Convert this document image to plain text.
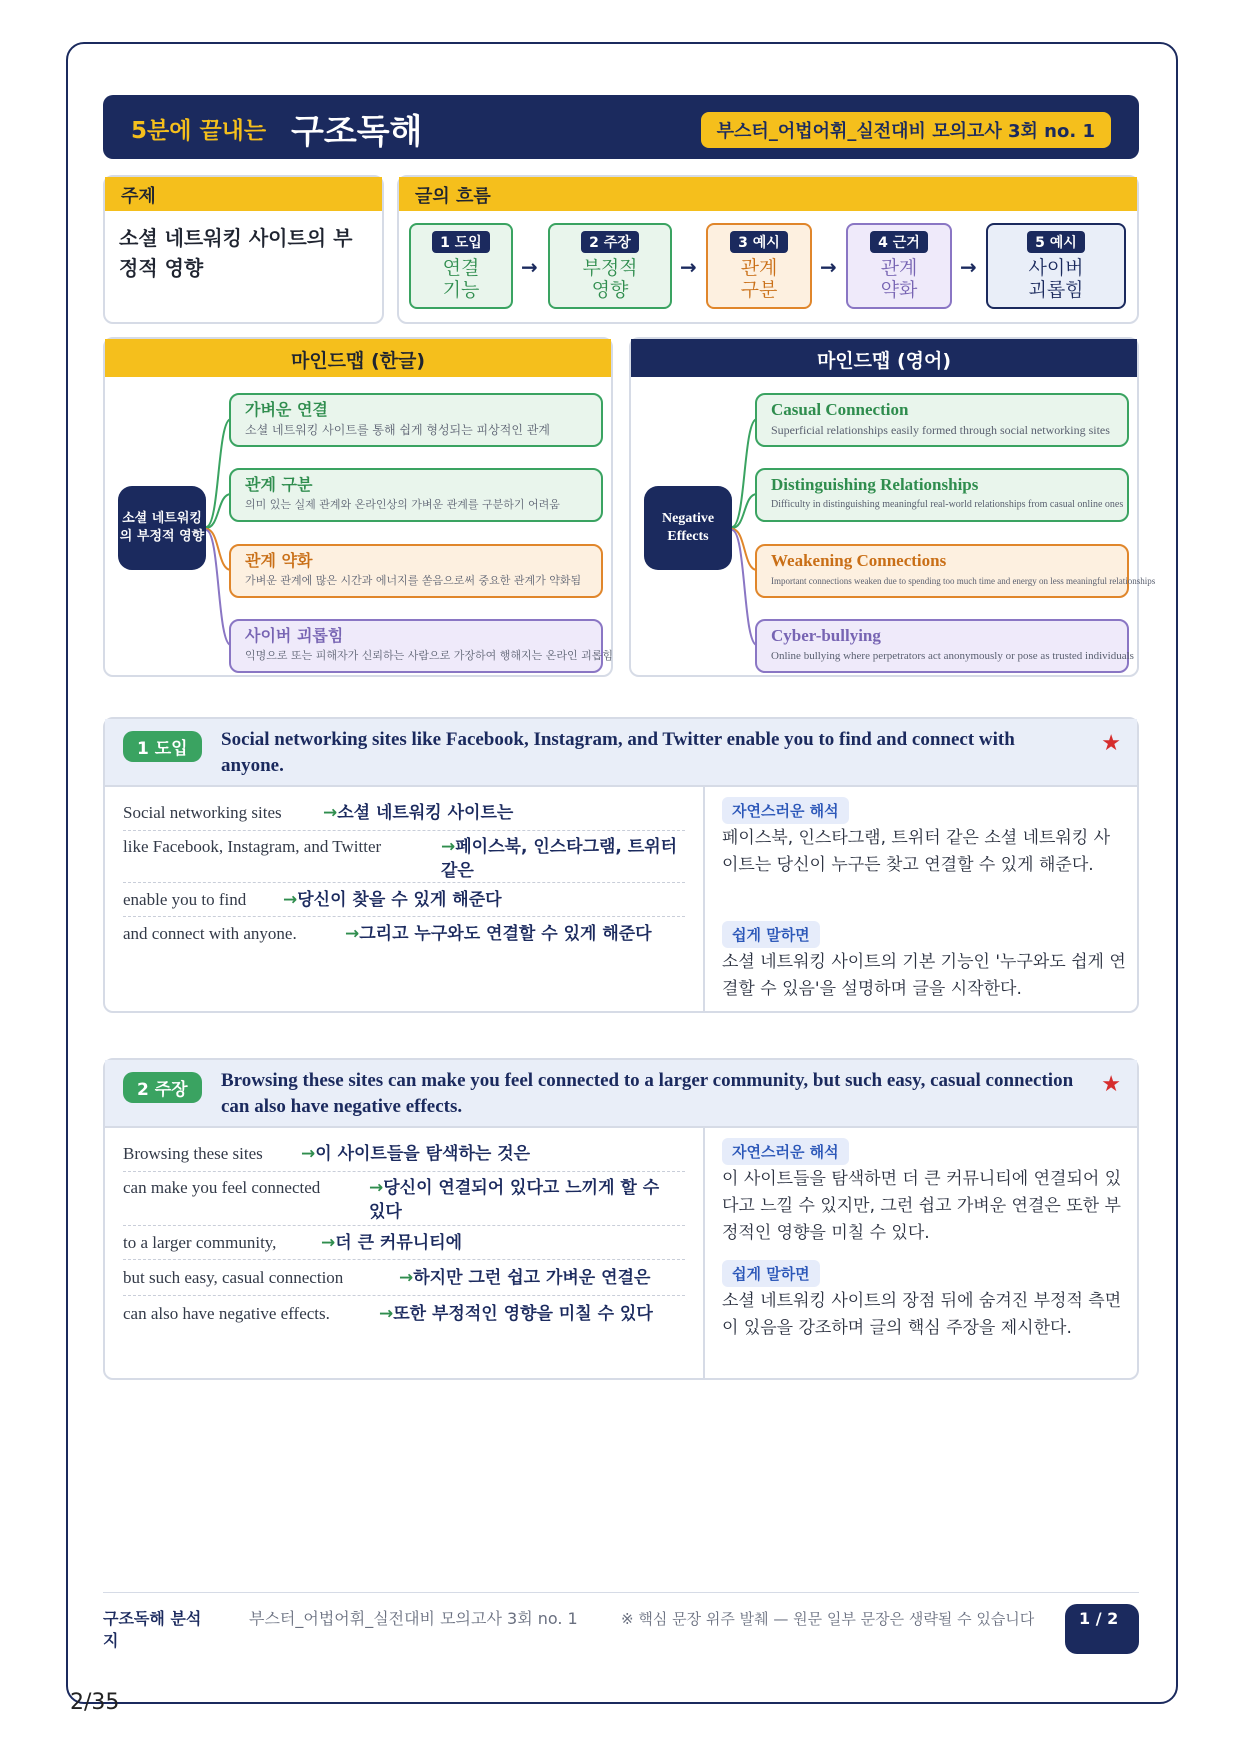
5분에 끝내는 구조독해	부스터_어법어휘_실전대비 모의고사 3회 no. 1
주제
소셜 네트워킹 사이트의 부정적 영향
글의 흐름
1 도입
연결
기능
→
2 주장
부정적
영향
→
3 예시
관계
구분
→
4 근거
관계
약화
→
5 예시
사이버
괴롭힘
마인드맵 (한글)
소셜 네트워킹의 부정적 영향
가벼운 연결
소셜 네트워킹 사이트를 통해 쉽게 형성되는 피상적인 관계
관계 구분
의미 있는 실제 관계와 온라인상의 가벼운 관계를 구분하기 어려움
관계 약화
가벼운 관계에 많은 시간과 에너지를 쏟음으로써 중요한 관계가 약화됨
사이버 괴롭힘
익명으로 또는 피해자가 신뢰하는 사람으로 가장하여 행해지는 온라인 괴롭힘
마인드맵 (영어)
Negative Effects
Casual Connection
Superficial relationships easily formed through social networking sites
Distinguishing Relationships
Difficulty in distinguishing meaningful real-world relationships from casual online ones
Weakening Connections
Important connections weaken due to spending too much time and energy on less meaningful relationships
Cyber-bullying
Online bullying where perpetrators act anonymously or pose as trusted individuals
1 도입	Social networking sites like Facebook, Instagram, and Twitter enable you to find and connect with anyone.
★
Social networking sites →소셜 네트워킹 사이트는
like Facebook, Instagram, and Twitter	→페이스북, 인스타그램, 트위터 같은
enable you to find →당신이 찾을 수 있게 해준다
and connect with anyone.	→그리고 누구와도 연결할 수 있게 해준다
자연스러운 해석
페이스북, 인스타그램, 트위터 같은 소셜 네트워킹 사이트는 당신이 누구든 찾고 연결할 수 있게 해준다.
쉽게 말하면
소셜 네트워킹 사이트의 기본 기능인 '누구와도 쉽게 연결할 수 있음'을 설명하며 글을 시작한다.
2 주장	Browsing these sites can make you feel connected to a larger community, but such easy, casual connection can also have negative effects.
★
Browsing these sites →이 사이트들을 탐색하는 것은
can make you feel connected	→당신이 연결되어 있다고 느끼게 할 수 있다
to a larger community,	→더 큰 커뮤니티에
but such easy, casual connection	→하지만 그런 쉽고 가벼운 연결은
can also have negative effects.	→또한 부정적인 영향을 미칠 수 있다
자연스러운 해석
이 사이트들을 탐색하면 더 큰 커뮤니티에 연결되어 있다고 느낄 수 있지만, 그런 쉽고 가벼운 연결은 또한 부정적인 영향을 미칠 수 있다.
쉽게 말하면
소셜 네트워킹 사이트의 장점 뒤에 숨겨진 부정적 측면이 있음을 강조하며 글의 핵심 주장을 제시한다.
구조독해 분석지
부스터_어법어휘_실전대비 모의고사 3회 no. 1	※ 핵심 문장 위주 발췌 — 원문 일부 문장은 생략될 수 있습니다	1 / 2
2/35
